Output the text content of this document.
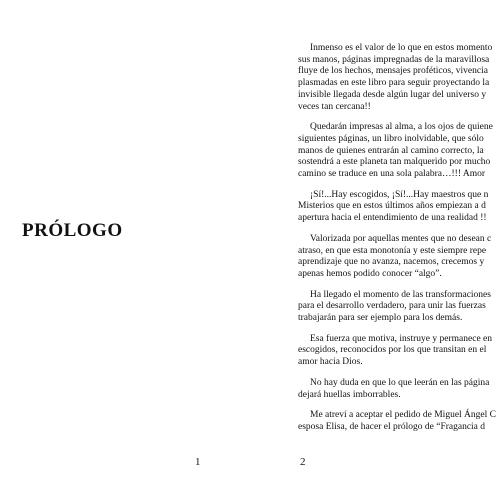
PRÓLOGO
1

Inmenso es el valor de lo que en estos momento
sus manos, páginas impregnadas de la maravillosa
fluye de los hechos, mensajes proféticos, vivencia
plasmadas en este libro para seguir proyectando la
invisible llegada desde algún lugar del universo y
veces tan cercana!!

Quedarán impresas al alma, a los ojos de quiene
siguientes páginas, un libro inolvidable, que sólo
manos de quienes entrarán al camino correcto, la
sostendrá a este planeta tan malquerido por mucho
camino se traduce en una sola palabra…!!! Amor

¡Sí!...Hay escogidos, ¡Sí!...Hay maestros que n
Misterios que en estos últimos años empiezan a d
apertura hacia el entendimiento de una realidad !!

Valorizada por aquellas mentes que no desean c
atraso, en que esta monotonía y este siempre repe
aprendizaje que no avanza, nacemos, crecemos y
apenas hemos podido conocer “algo”.

Ha llegado el momento de las transformaciones
para el desarrollo verdadero, para unir las fuerzas
trabajarán para ser ejemplo para los demás.

Esa fuerza que motiva, instruye y permanece en
escogidos, reconocidos por los que transitan en el
amor hacia Dios.

No hay duda en que lo que leerán en las página
dejará huellas imborrables.

Me atreví a aceptar el pedido de Miguel Ángel C
esposa Elisa, de hacer el prólogo de “Fragancia d

2
